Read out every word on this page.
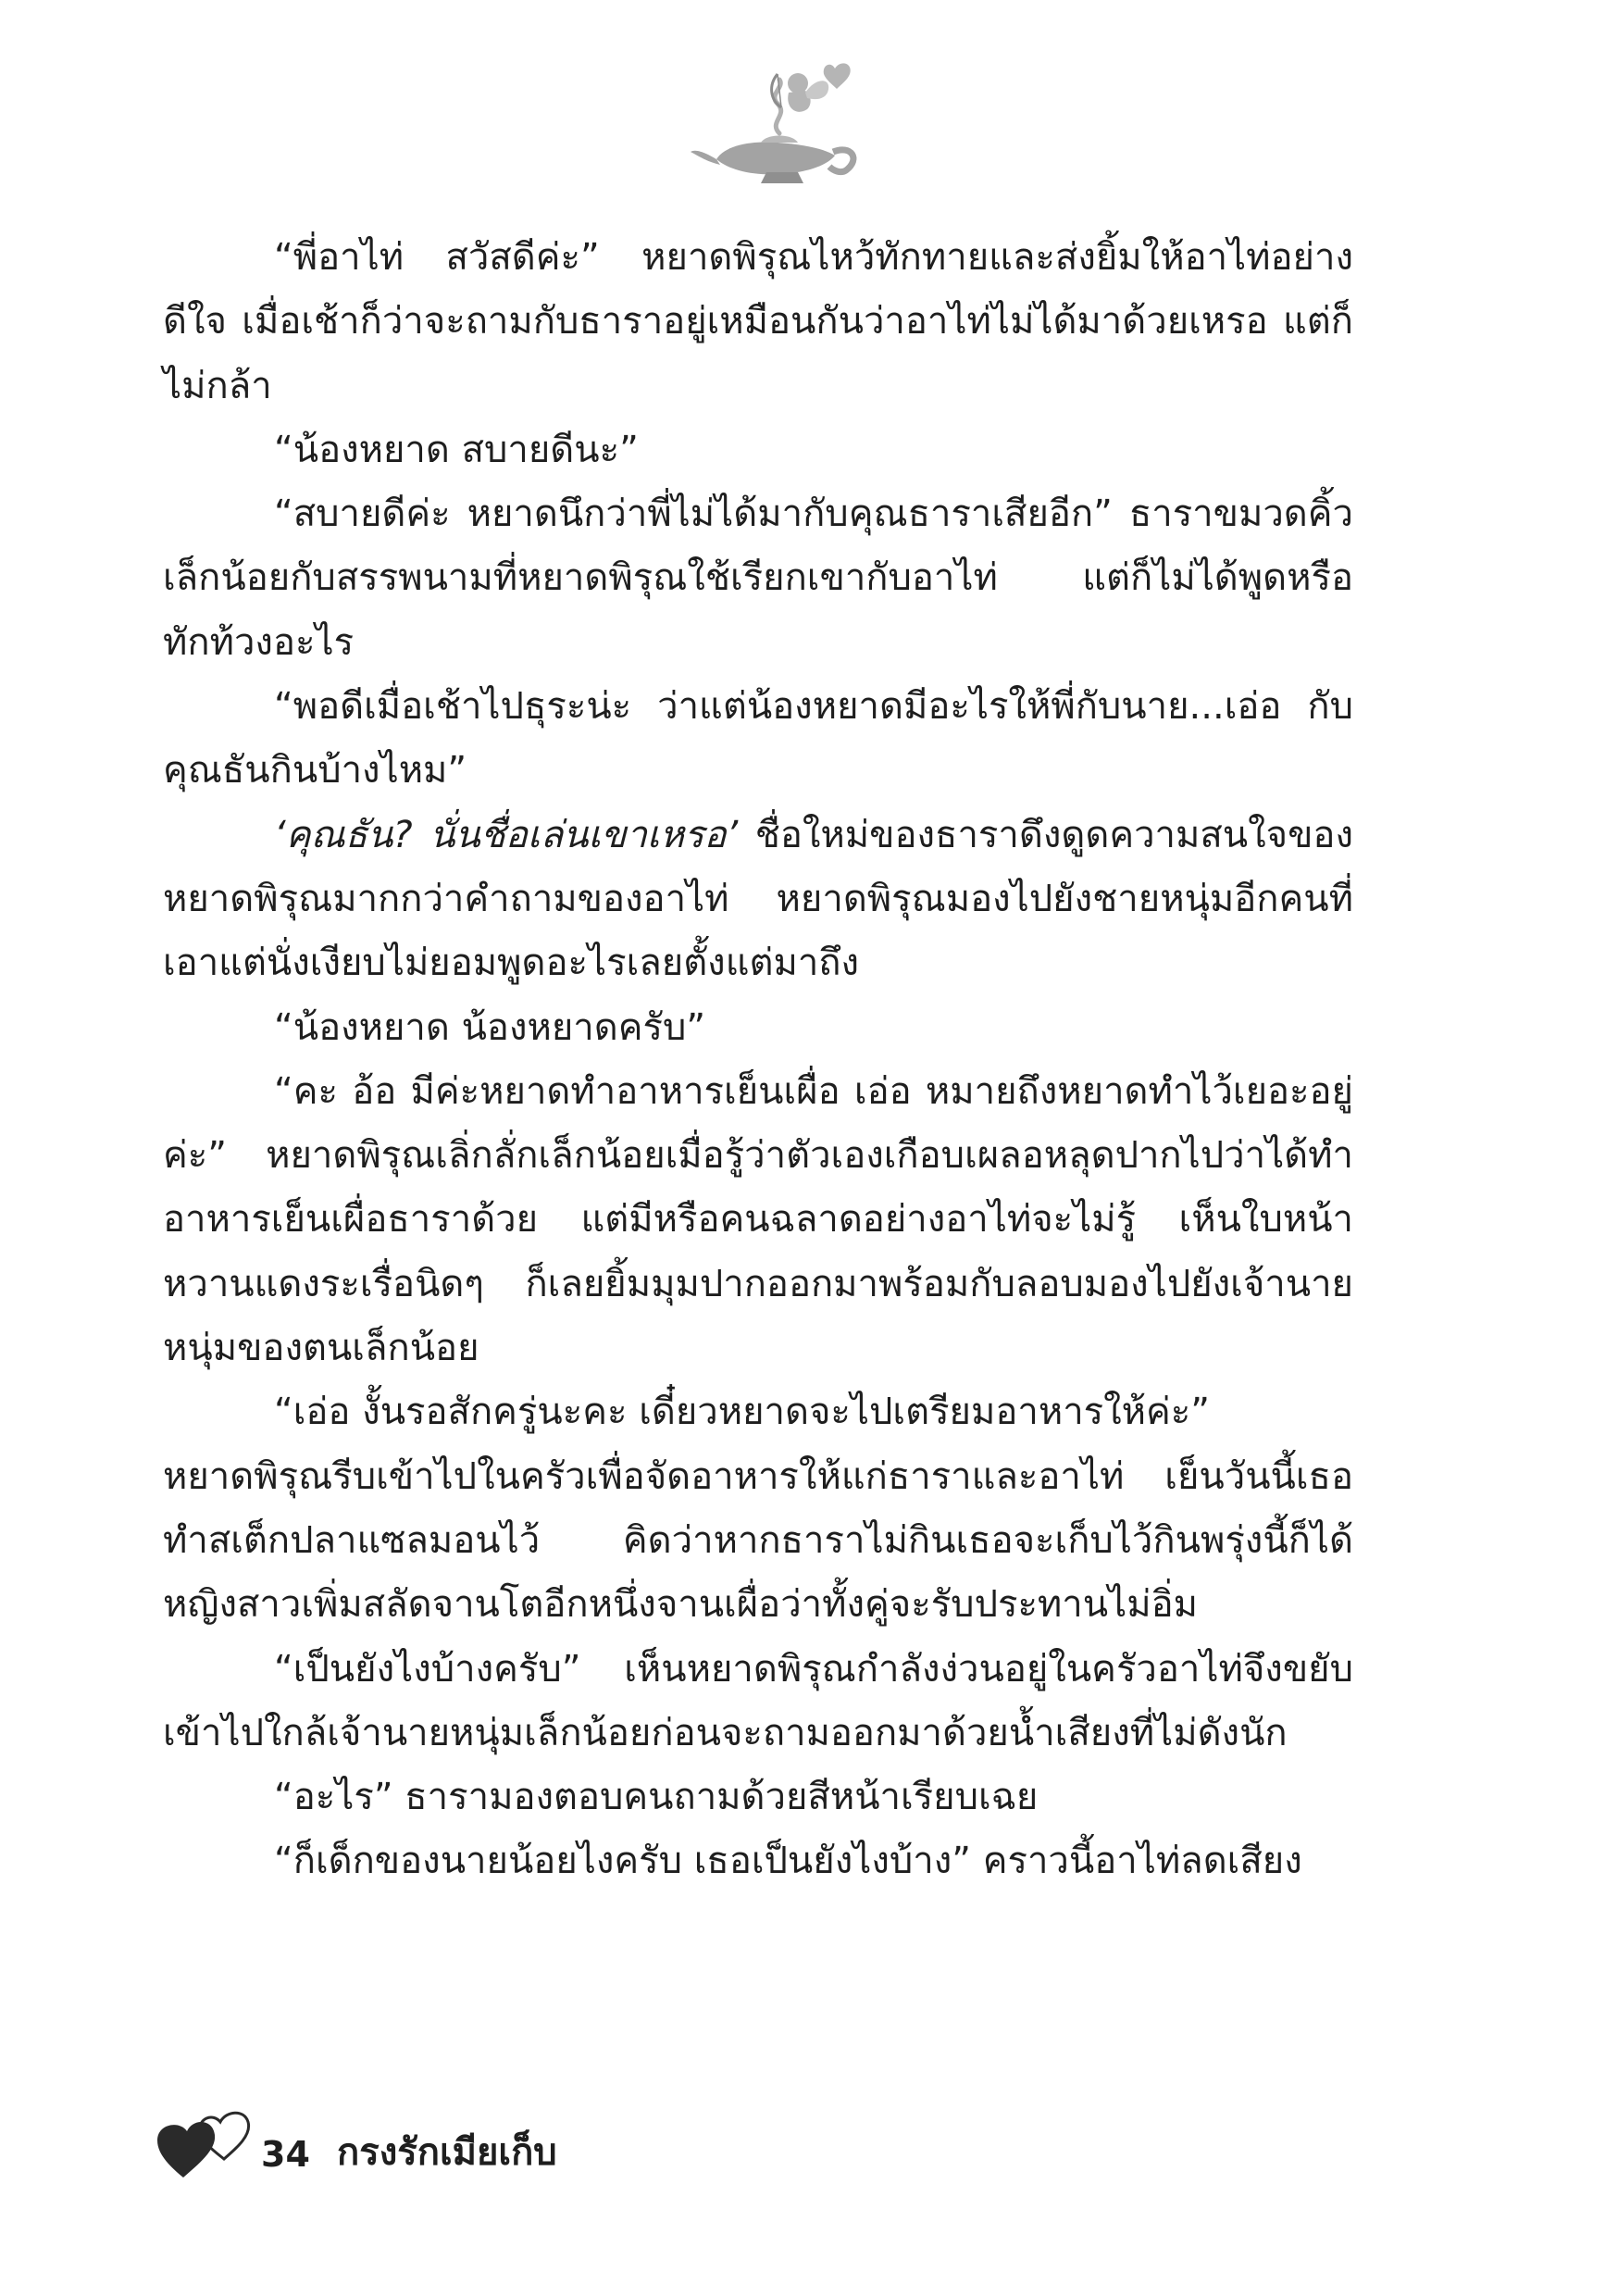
“พี่อาไท่ สวัสดีค่ะ” หยาดพิรุณไหว้ทักทายและส่งยิ้มให้อาไท่อย่างดีใจ เมื่อเช้าก็ว่าจะถามกับธาราอยู่เหมือนกันว่าอาไท่ไม่ได้มาด้วยเหรอ แต่ก็ไม่กล้า

“น้องหยาด สบายดีนะ”

“สบายดีค่ะ หยาดนึกว่าพี่ไม่ได้มากับคุณธาราเสียอีก” ธาราขมวดคิ้วเล็กน้อยกับสรรพนามที่หยาดพิรุณใช้เรียกเขากับอาไท่ แต่ก็ไม่ได้พูดหรือทักท้วงอะไร

“พอดีเมื่อเช้าไปธุระน่ะ ว่าแต่น้องหยาดมีอะไรให้พี่กับนาย...เอ่อ กับคุณธันกินบ้างไหม”

‘คุณธัน? นั่นชื่อเล่นเขาเหรอ’ ชื่อใหม่ของธาราดึงดูดความสนใจของหยาดพิรุณมากกว่าคำถามของอาไท่ หยาดพิรุณมองไปยังชายหนุ่มอีกคนที่เอาแต่นั่งเงียบไม่ยอมพูดอะไรเลยตั้งแต่มาถึง

“น้องหยาด น้องหยาดครับ”

“คะ อ้อ มีค่ะหยาดทำอาหารเย็นเผื่อ เอ่อ หมายถึงหยาดทำไว้เยอะอยู่ค่ะ” หยาดพิรุณเลิ่กลั่กเล็กน้อยเมื่อรู้ว่าตัวเองเกือบเผลอหลุดปากไปว่าได้ทำอาหารเย็นเผื่อธาราด้วย แต่มีหรือคนฉลาดอย่างอาไท่จะไม่รู้ เห็นใบหน้าหวานแดงระเรื่อนิดๆ ก็เลยยิ้มมุมปากออกมาพร้อมกับลอบมองไปยังเจ้านายหนุ่มของตนเล็กน้อย

“เอ่อ งั้นรอสักครู่นะคะ เดี๋ยวหยาดจะไปเตรียมอาหารให้ค่ะ”

หยาดพิรุณรีบเข้าไปในครัวเพื่อจัดอาหารให้แก่ธาราและอาไท่ เย็นวันนี้เธอทำสเต็กปลาแซลมอนไว้ คิดว่าหากธาราไม่กินเธอจะเก็บไว้กินพรุ่งนี้ก็ได้ หญิงสาวเพิ่มสลัดจานโตอีกหนึ่งจานเผื่อว่าทั้งคู่จะรับประทานไม่อิ่ม

“เป็นยังไงบ้างครับ” เห็นหยาดพิรุณกำลังง่วนอยู่ในครัวอาไท่จึงขยับเข้าไปใกล้เจ้านายหนุ่มเล็กน้อยก่อนจะถามออกมาด้วยน้ำเสียงที่ไม่ดังนัก

“อะไร” ธารามองตอบคนถามด้วยสีหน้าเรียบเฉย

“ก็เด็กของนายน้อยไงครับ เธอเป็นยังไงบ้าง” คราวนี้อาไท่ลดเสียง

34 กรงรักเมียเก็บ
